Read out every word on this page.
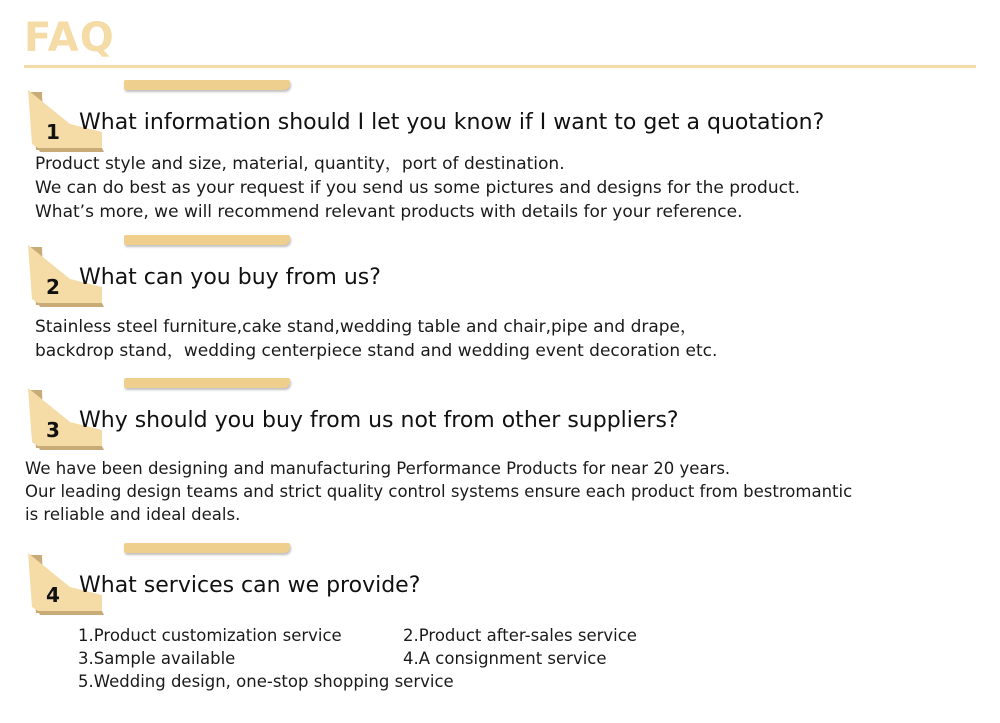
FAQ
1 What information should I let you know if I want to get a quotation?

Product style and size, material, quantity，port of destination.

We can do best as your request if you send us some pictures and designs for the product.

What’s more, we will recommend relevant products with details for your reference.

2 What can you buy from us?

Stainless steel furniture,cake stand,wedding table and chair,pipe and drape，

backdrop stand，wedding centerpiece stand and wedding event decoration etc.

3 Why should you buy from us not from other suppliers?

We have been designing and manufacturing Performance Products for near 20 years.

Our leading design teams and strict quality control systems ensure each product from bestromantic

is reliable and ideal deals.

4 What services can we provide?
1.Product customization service	2.Product after-sales service
3.Sample available	4.A consignment service
5.Wedding design, one-stop shopping service
